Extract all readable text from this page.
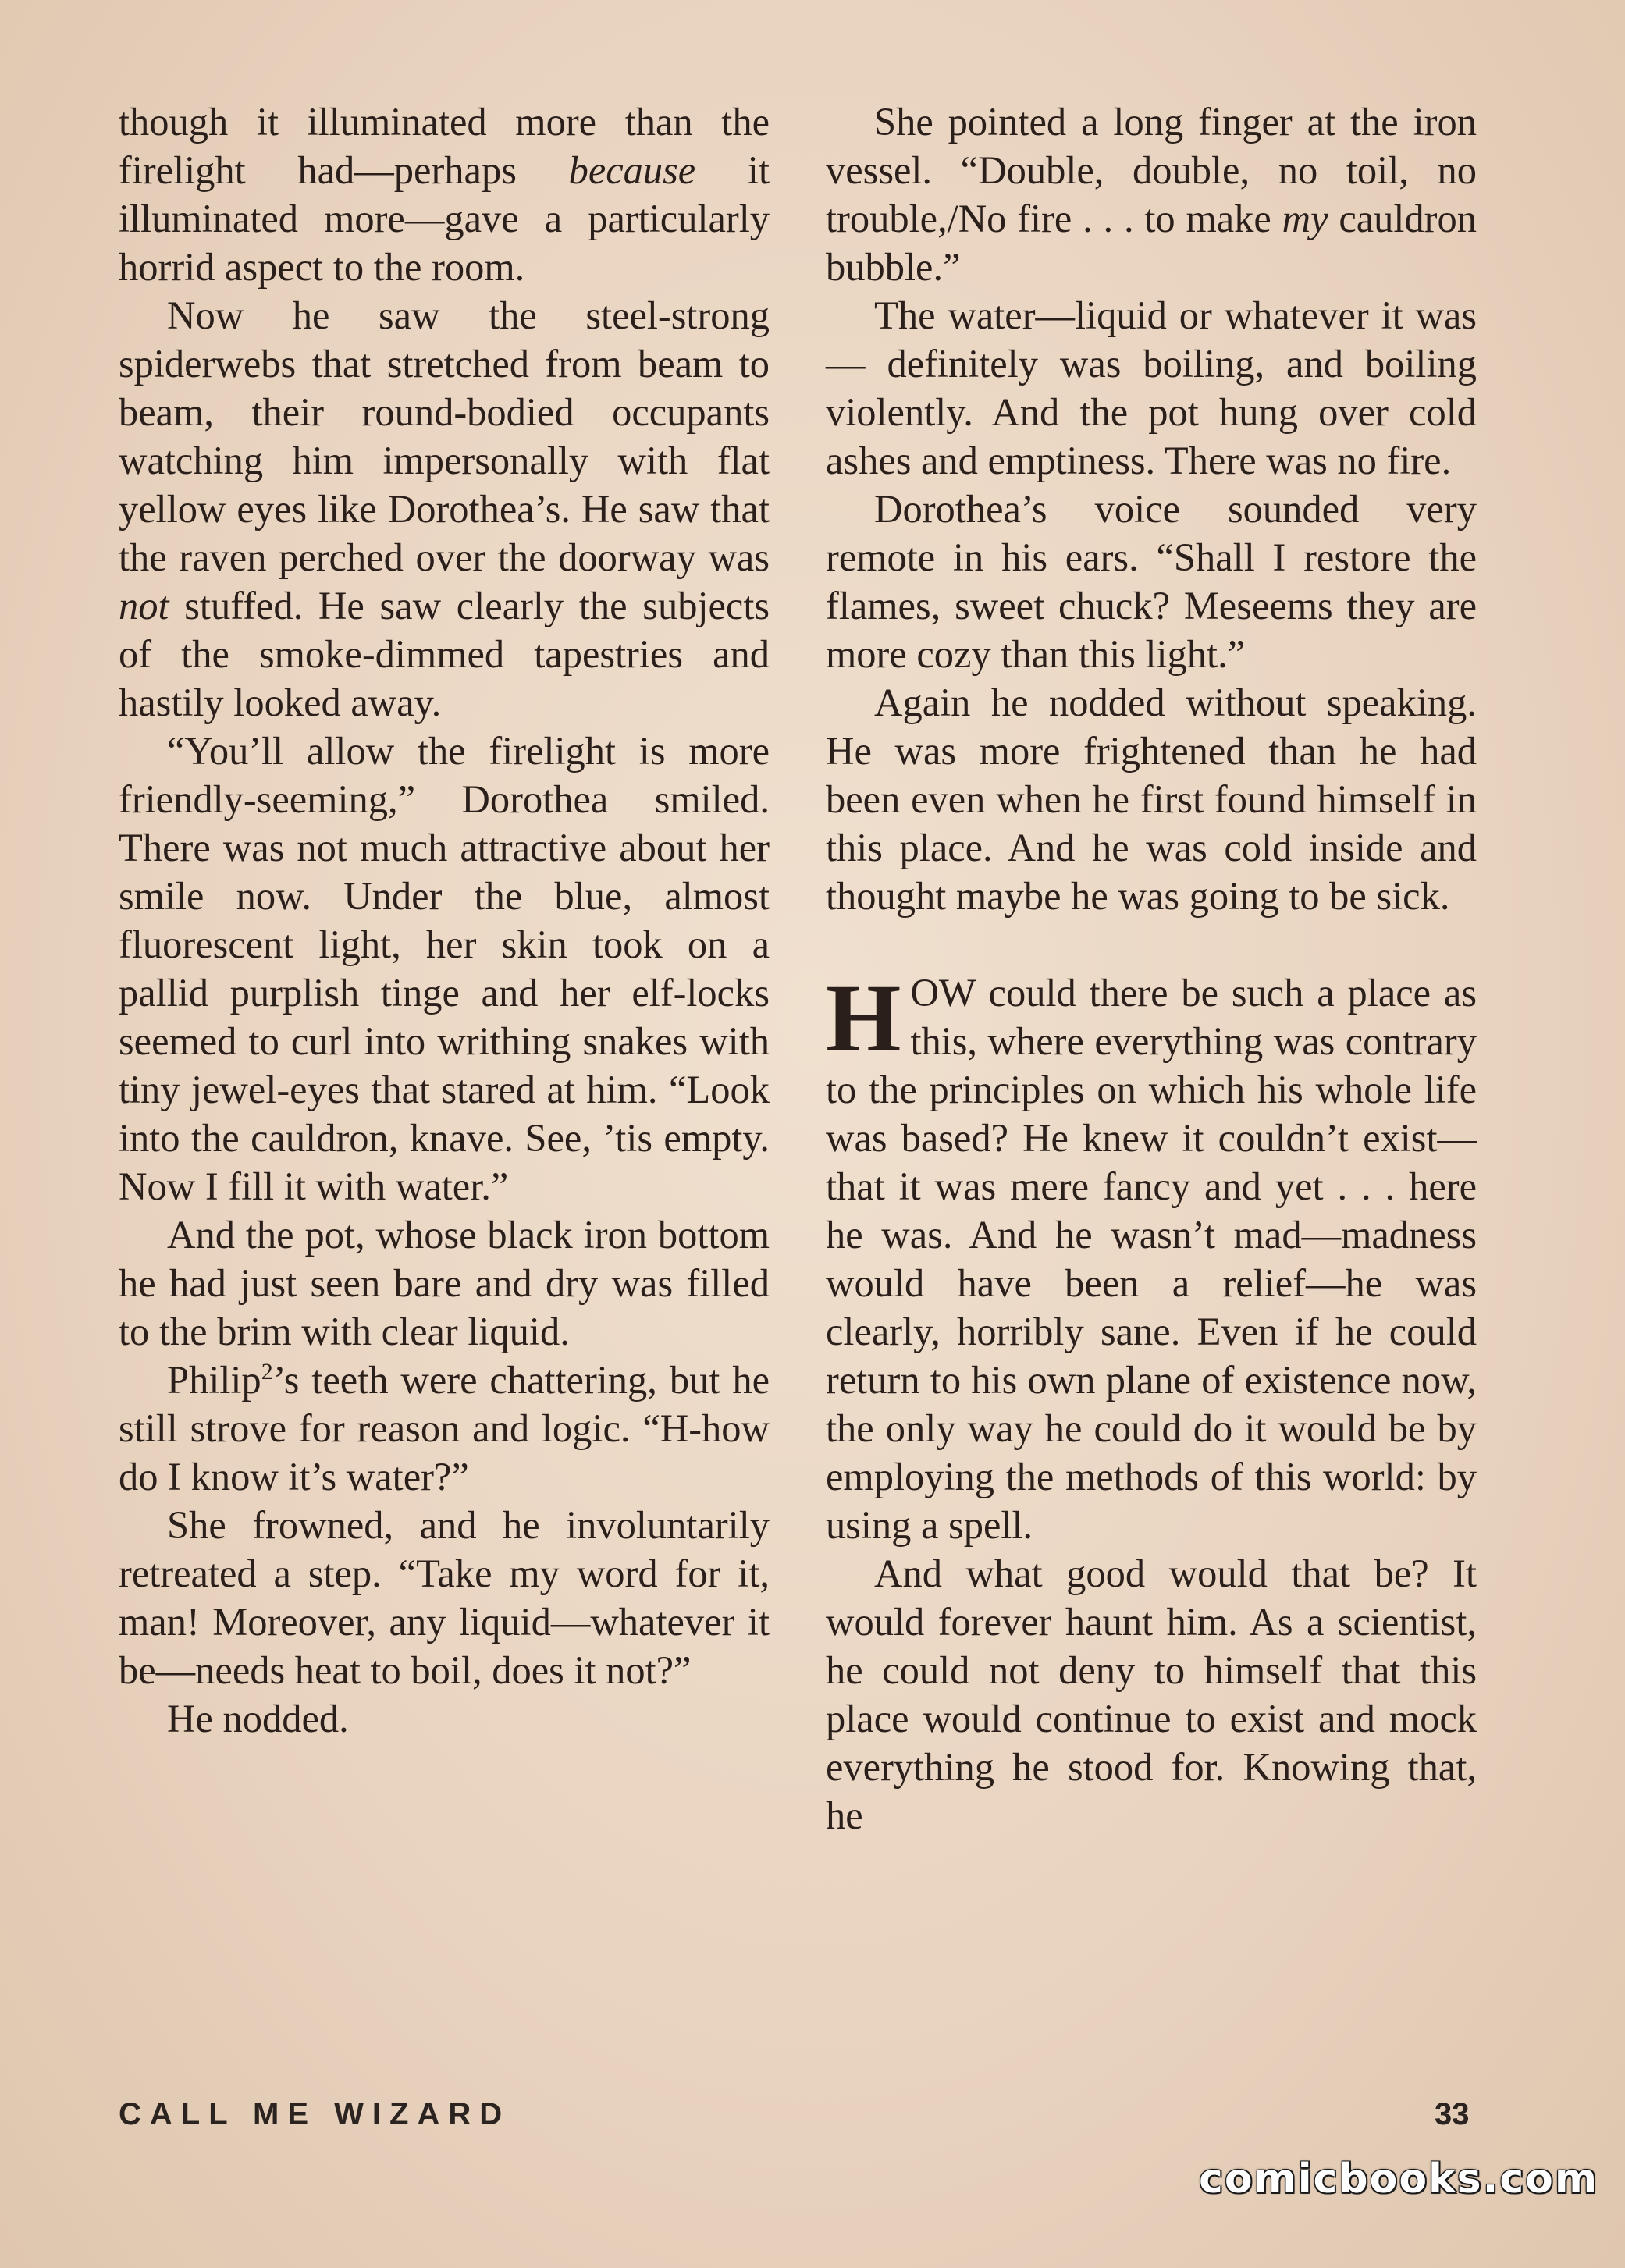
though it illuminated more than the firelight had—perhaps because it illuminated more—gave a particularly horrid aspect to the room.

Now he saw the steel-strong spiderwebs that stretched from beam to beam, their round-bodied occupants watching him impersonally with flat yellow eyes like Dorothea’s. He saw that the raven perched over the doorway was not stuffed. He saw clearly the subjects of the smoke-dimmed tapestries and hastily looked away.

“You’ll allow the firelight is more friendly-seeming,” Dorothea smiled. There was not much attractive about her smile now. Under the blue, almost fluorescent light, her skin took on a pallid purplish tinge and her elf-locks seemed to curl into writhing snakes with tiny jewel-eyes that stared at him. “Look into the cauldron, knave. See, ’tis empty. Now I fill it with water.”

And the pot, whose black iron bottom he had just seen bare and dry was filled to the brim with clear liquid.

Philip$^2$’s teeth were chattering, but he still strove for reason and logic. “H-how do I know it’s water?”

She frowned, and he involuntarily retreated a step. “Take my word for it, man! Moreover, any liquid—whatever it be—needs heat to boil, does it not?”

He nodded.

She pointed a long finger at the iron vessel. “Double, double, no toil, no trouble,/No fire . . . to make my cauldron bubble.”

The water—liquid or whatever it was — definitely was boiling, and boiling violently. And the pot hung over cold ashes and emptiness. There was no fire.

Dorothea’s voice sounded very remote in his ears. “Shall I restore the flames, sweet chuck? Meseems they are more cozy than this light.”

Again he nodded without speaking. He was more frightened than he had been even when he first found himself in this place. And he was cold inside and thought maybe he was going to be sick.

HOW could there be such a place as this, where everything was contrary to the principles on which his whole life was based? He knew it couldn’t exist—that it was mere fancy and yet . . . here he was. And he wasn’t mad—madness would have been a relief—he was clearly, horribly sane. Even if he could return to his own plane of existence now, the only way he could do it would be by employing the methods of this world: by using a spell.

And what good would that be? It would forever haunt him. As a scientist, he could not deny to himself that this place would continue to exist and mock everything he stood for. Knowing that, he

CALL ME WIZARD	33
comicbooks.com
